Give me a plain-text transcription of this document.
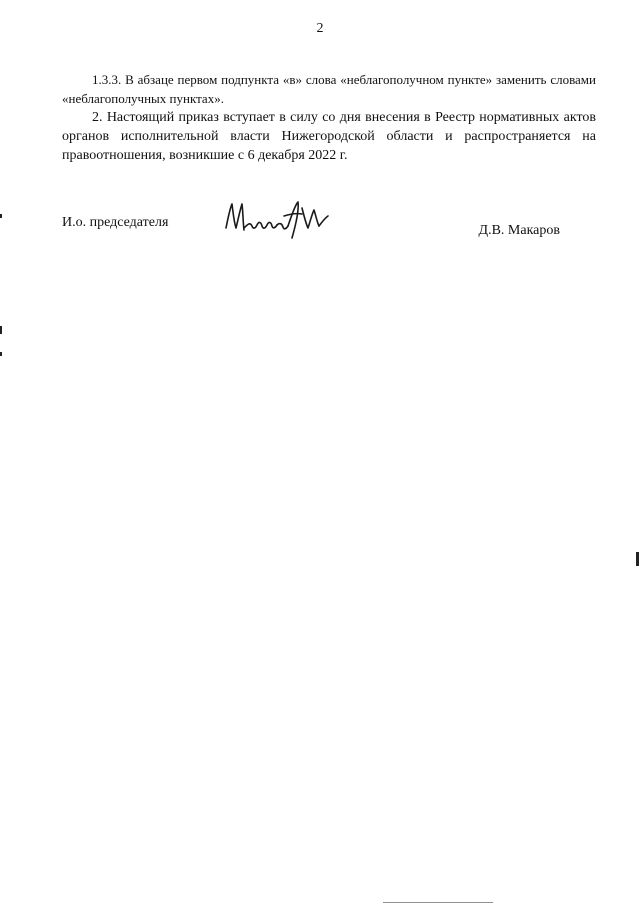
2

1.3.3. В абзаце первом подпункта «в» слова «неблагополучном пункте» заменить словами «неблагополучных пунктах».

2. Настоящий приказ вступает в силу со дня внесения в Реестр нормативных актов органов исполнительной власти Нижегородской области и распространяется на правоотношения, возникшие с 6 декабря 2022 г.

И.о. председателя
Д.В. Макаров
